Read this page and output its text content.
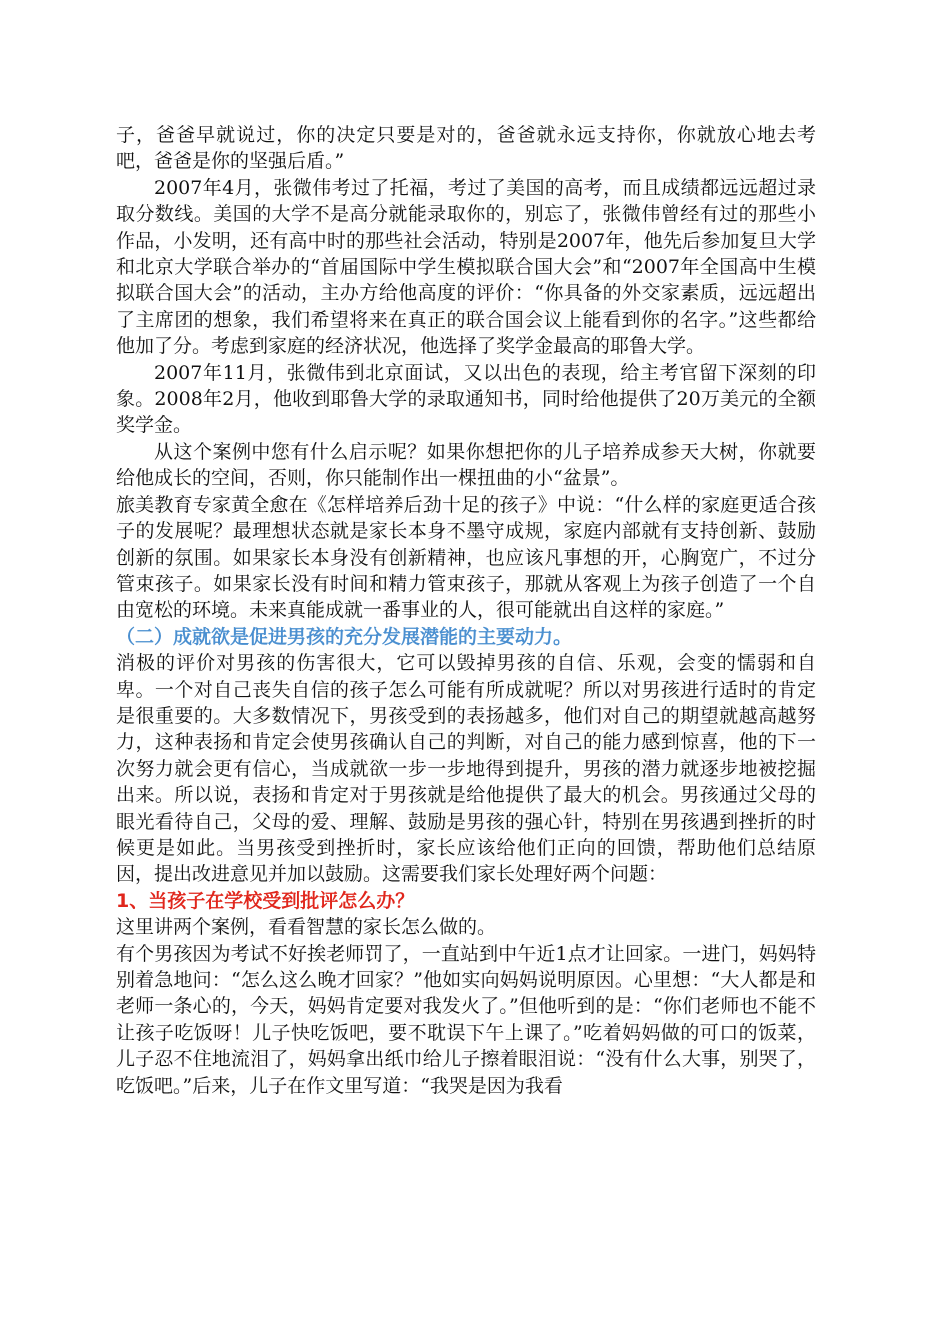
子，爸爸早就说过，你的决定只要是对的，爸爸就永远支持你，你就放心地去考吧，爸爸是你的坚强后盾。”

2007年4月，张微伟考过了托福，考过了美国的高考，而且成绩都远远超过录取分数线。美国的大学不是高分就能录取你的，别忘了，张微伟曾经有过的那些小作品，小发明，还有高中时的那些社会活动，特别是2007年，他先后参加复旦大学和北京大学联合举办的“首届国际中学生模拟联合国大会”和“2007年全国高中生模拟联合国大会”的活动，主办方给他高度的评价：“你具备的外交家素质，远远超出了主席团的想象，我们希望将来在真正的联合国会议上能看到你的名字。”这些都给他加了分。考虑到家庭的经济状况，他选择了奖学金最高的耶鲁大学。

2007年11月，张微伟到北京面试，又以出色的表现，给主考官留下深刻的印象。2008年2月，他收到耶鲁大学的录取通知书，同时给他提供了20万美元的全额奖学金。

从这个案例中您有什么启示呢？如果你想把你的儿子培养成参天大树，你就要给他成长的空间，否则，你只能制作出一棵扭曲的小“盆景”。

旅美教育专家黄全愈在《怎样培养后劲十足的孩子》中说：“什么样的家庭更适合孩子的发展呢？最理想状态就是家长本身不墨守成规，家庭内部就有支持创新、鼓励创新的氛围。如果家长本身没有创新精神，也应该凡事想的开，心胸宽广，不过分管束孩子。如果家长没有时间和精力管束孩子，那就从客观上为孩子创造了一个自由宽松的环境。未来真能成就一番事业的人，很可能就出自这样的家庭。”

（二）成就欲是促进男孩的充分发展潜能的主要动力。

消极的评价对男孩的伤害很大，它可以毁掉男孩的自信、乐观，会变的懦弱和自卑。一个对自己丧失自信的孩子怎么可能有所成就呢？所以对男孩进行适时的肯定是很重要的。大多数情况下，男孩受到的表扬越多，他们对自己的期望就越高越努力，这种表扬和肯定会使男孩确认自己的判断，对自己的能力感到惊喜，他的下一次努力就会更有信心，当成就欲一步一步地得到提升，男孩的潜力就逐步地被挖掘出来。所以说，表扬和肯定对于男孩就是给他提供了最大的机会。男孩通过父母的眼光看待自己，父母的爱、理解、鼓励是男孩的强心针，特别在男孩遇到挫折的时候更是如此。当男孩受到挫折时，家长应该给他们正向的回馈，帮助他们总结原因，提出改进意见并加以鼓励。这需要我们家长处理好两个问题：

1、当孩子在学校受到批评怎么办？

这里讲两个案例，看看智慧的家长怎么做的。

有个男孩因为考试不好挨老师罚了，一直站到中午近1点才让回家。一进门，妈妈特别着急地问：“怎么这么晚才回家？”他如实向妈妈说明原因。心里想：“大人都是和老师一条心的，今天，妈妈肯定要对我发火了。”但他听到的是：“你们老师也不能不让孩子吃饭呀！儿子快吃饭吧，要不耽误下午上课了。”吃着妈妈做的可口的饭菜，儿子忍不住地流泪了，妈妈拿出纸巾给儿子擦着眼泪说：“没有什么大事，别哭了，吃饭吧。”后来，儿子在作文里写道：“我哭是因为我看
